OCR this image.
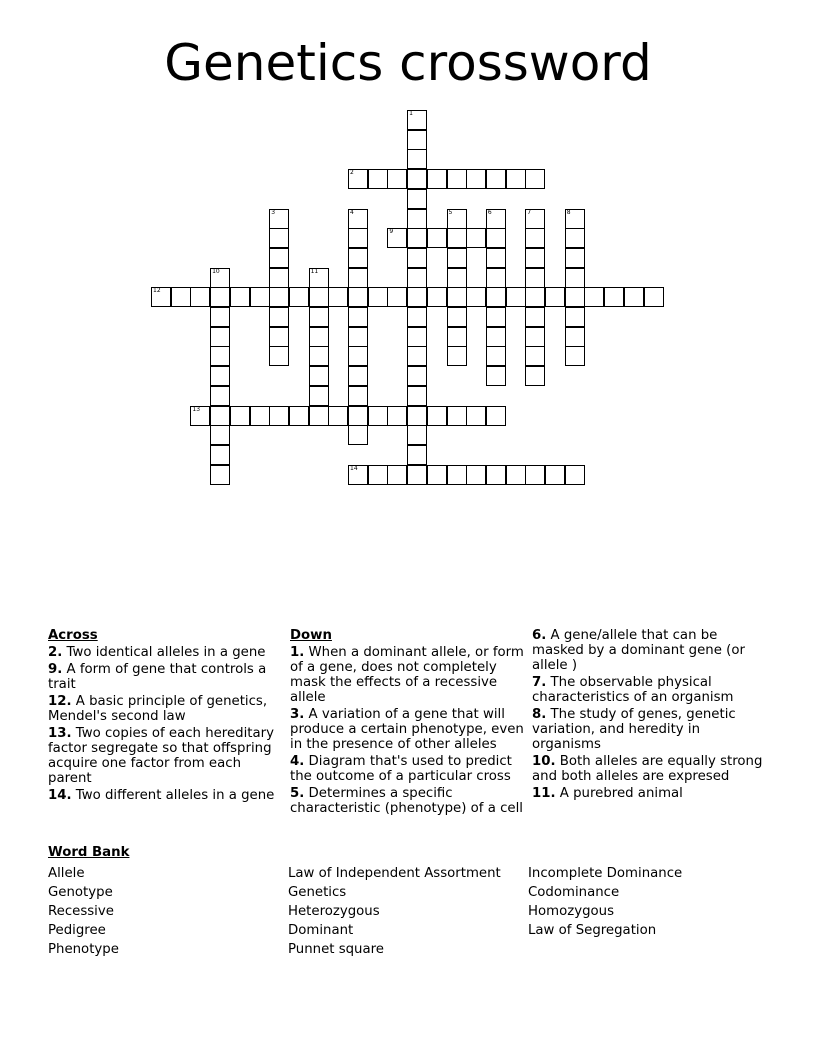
Genetics crossword
1
2
3	4	5	6	7	8
9
10	11
12
13
14
Across
2. Two identical alleles in a gene
9. A form of gene that controls a trait
12. A basic principle of genetics, Mendel's second law
13. Two copies of each hereditary factor segregate so that offspring acquire one factor from each parent
14. Two different alleles in a gene
Down
1. When a dominant allele, or form of a gene, does not completely mask the effects of a recessive allele
3. A variation of a gene that will produce a certain phenotype, even in the presence of other alleles
4. Diagram that's used to predict the outcome of a particular cross
5. Determines a specific characteristic (phenotype) of a cell
6. A gene/allele that can be masked by a dominant gene (or allele )
7. The observable physical characteristics of an organism
8. The study of genes, genetic variation, and heredity in organisms
10. Both alleles are equally strong and both alleles are expresed
11. A purebred animal
Word Bank
Allele
Genotype
Recessive
Pedigree
Phenotype
Law of Independent Assortment
Genetics
Heterozygous
Dominant
Punnet square
Incomplete Dominance
Codominance
Homozygous
Law of Segregation
